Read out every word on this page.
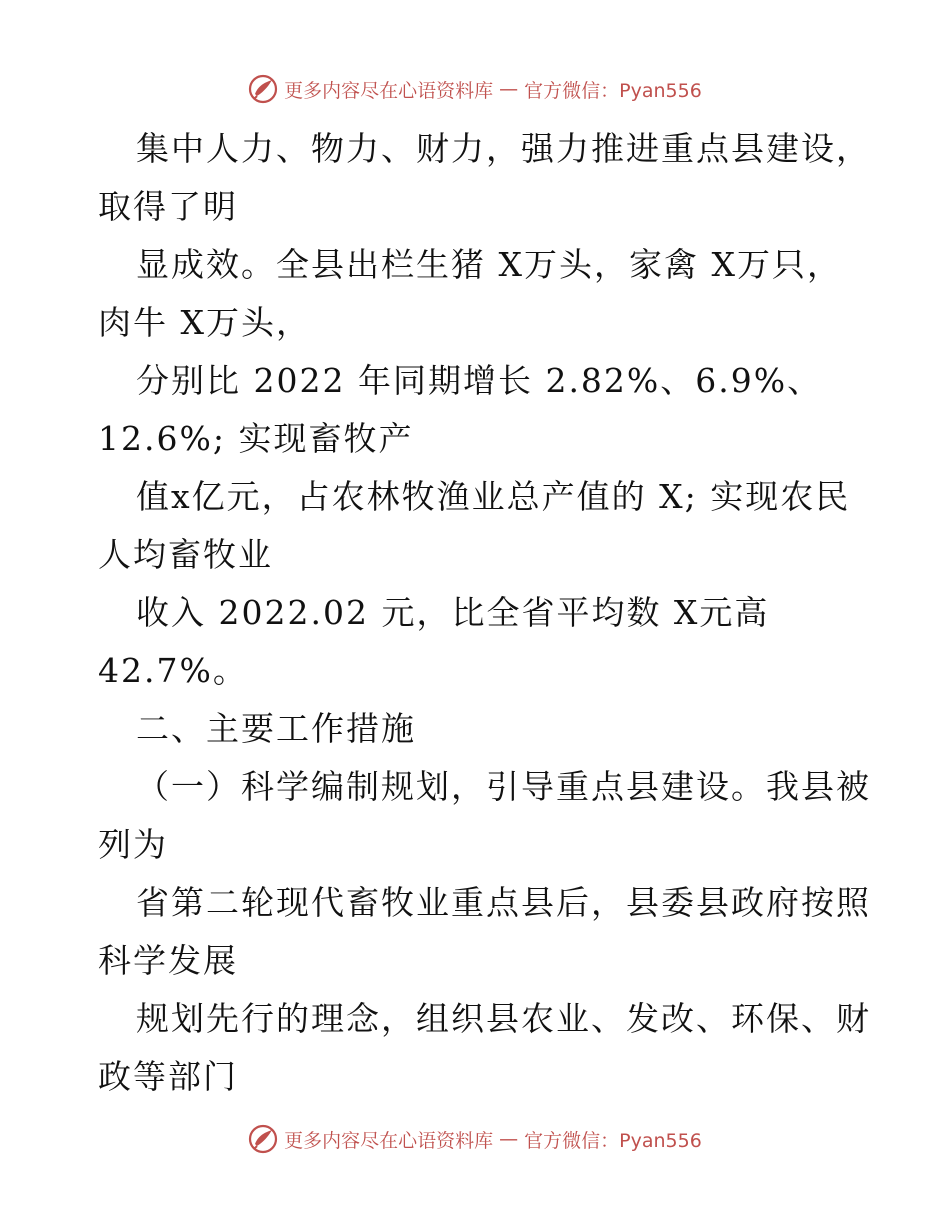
更多内容尽在心语资料库 — 官方微信：Pyan556
集中人力、物力、财力，强力推进重点县建设，
取得了明
显成效。全县出栏生猪 X万头，家禽 X万只，
肉牛 X万头，
分别比 2022 年同期增长 2.82%、6.9%、
12.6%; 实现畜牧产
值x亿元，占农林牧渔业总产值的 X; 实现农民
人均畜牧业
收入 2022.02 元，比全省平均数 X元高
42.7%。
二、主要工作措施
（一）科学编制规划，引导重点县建设。我县被
列为
省第二轮现代畜牧业重点县后，县委县政府按照
科学发展
规划先行的理念，组织县农业、发改、环保、财
政等部门
更多内容尽在心语资料库 — 官方微信：Pyan556
